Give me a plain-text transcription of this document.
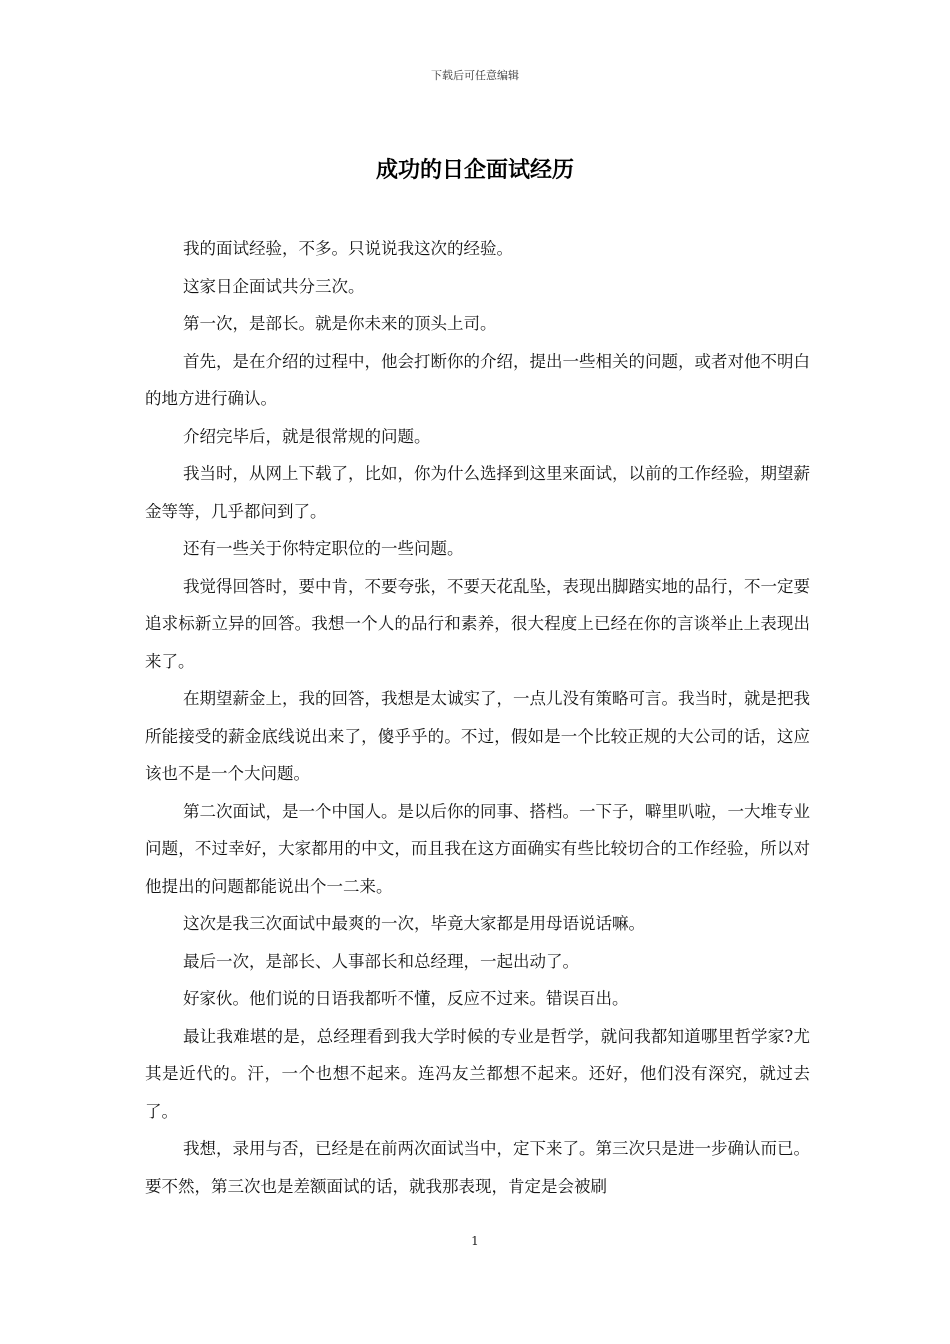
下载后可任意编辑
成功的日企面试经历

我的面试经验，不多。只说说我这次的经验。

这家日企面试共分三次。

第一次，是部长。就是你未来的顶头上司。

首先，是在介绍的过程中，他会打断你的介绍，提出一些相关的问题，或者对他不明白的地方进行确认。

介绍完毕后，就是很常规的问题。

我当时，从网上下载了，比如，你为什么选择到这里来面试，以前的工作经验，期望薪金等等，几乎都问到了。

还有一些关于你特定职位的一些问题。

我觉得回答时，要中肯，不要夸张，不要天花乱坠，表现出脚踏实地的品行，不一定要追求标新立异的回答。我想一个人的品行和素养，很大程度上已经在你的言谈举止上表现出来了。

在期望薪金上，我的回答，我想是太诚实了，一点儿没有策略可言。我当时，就是把我所能接受的薪金底线说出来了，傻乎乎的。不过，假如是一个比较正规的大公司的话，这应该也不是一个大问题。

第二次面试，是一个中国人。是以后你的同事、搭档。一下子，噼里叭啦，一大堆专业问题，不过幸好，大家都用的中文，而且我在这方面确实有些比较切合的工作经验，所以对他提出的问题都能说出个一二来。

这次是我三次面试中最爽的一次，毕竟大家都是用母语说话嘛。

最后一次，是部长、人事部长和总经理，一起出动了。

好家伙。他们说的日语我都听不懂，反应不过来。错误百出。

最让我难堪的是，总经理看到我大学时候的专业是哲学，就问我都知道哪里哲学家?尤其是近代的。汗，一个也想不起来。连冯友兰都想不起来。还好，他们没有深究，就过去了。

我想，录用与否，已经是在前两次面试当中，定下来了。第三次只是进一步确认而已。要不然，第三次也是差额面试的话，就我那表现，肯定是会被刷

1
